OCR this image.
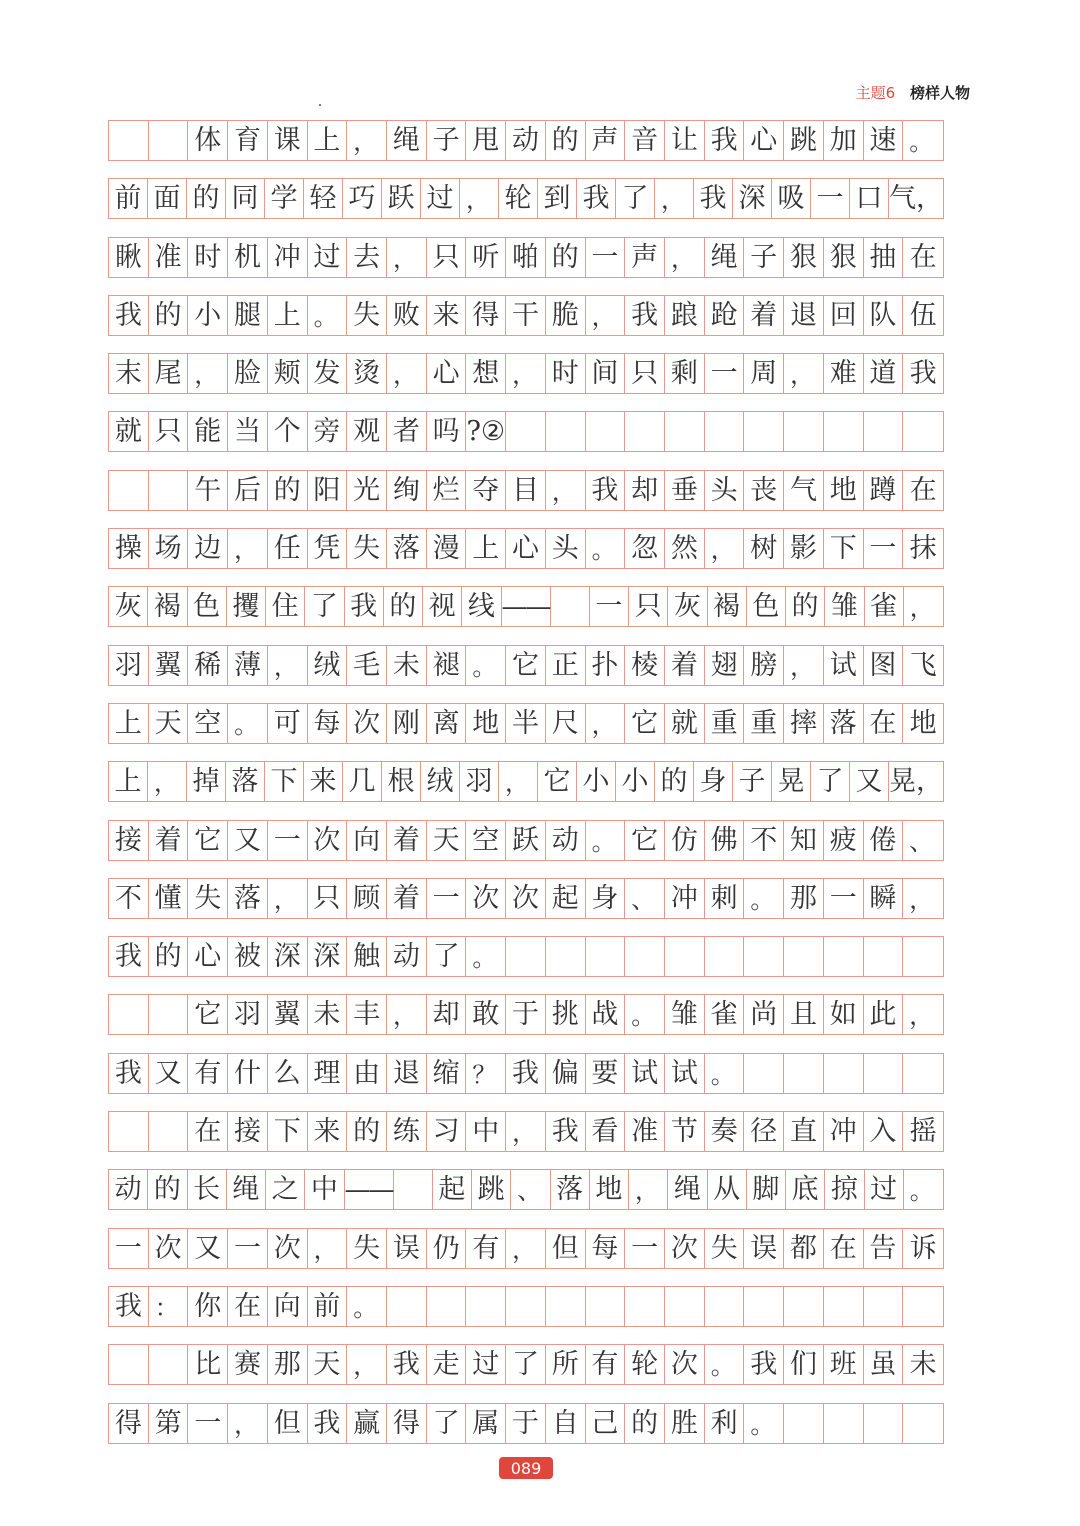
主题6 榜样人物
体 育 课 上 ， 绳 子 甩 动 的 声 音 让 我 心 跳 加 速 。
前 面 的 同 学 轻 巧 跃 过 ， 轮 到 我 了 ， 我 深 吸 一 口 气，
瞅 准 时 机 冲 过 去 ， 只 听 啪 的 一 声 ， 绳 子 狠 狠 抽 在
我 的 小 腿 上 。 失 败 来 得 干 脆 ， 我 踉 跄 着 退 回 队 伍
末 尾 ， 脸 颊 发 烫 ， 心 想 ， 时 间 只 剩 一 周 ， 难 道 我
就 只 能 当 个 旁 观 者 吗 ?②
午 后 的 阳 光 绚 烂 夺 目 ， 我 却 垂 头 丧 气 地 蹲 在
操 场 边 ， 任 凭 失 落 漫 上 心 头 。 忽 然 ， 树 影 下 一 抹
灰 褐 色 攫 住 了 我 的 视 线 —— 一 只 灰 褐 色 的 雏 雀 ，
羽 翼 稀 薄 ， 绒 毛 未 褪 。 它 正 扑 棱 着 翅 膀 ， 试 图 飞
上 天 空 。 可 每 次 刚 离 地 半 尺 ， 它 就 重 重 摔 落 在 地
上 ， 掉 落 下 来 几 根 绒 羽 ， 它 小 小 的 身 子 晃 了 又 晃，
接 着 它 又 一 次 向 着 天 空 跃 动 。 它 仿 佛 不 知 疲 倦 、
不 懂 失 落 ， 只 顾 着 一 次 次 起 身 、 冲 刺 。 那 一 瞬 ，
我 的 心 被 深 深 触 动 了 。
它 羽 翼 未 丰 ， 却 敢 于 挑 战 。 雏 雀 尚 且 如 此 ，
我 又 有 什 么 理 由 退 缩 ？ 我 偏 要 试 试 。
在 接 下 来 的 练 习 中 ， 我 看 准 节 奏 径 直 冲 入 摇
动 的 长 绳 之 中 —— 起 跳 、 落 地 ， 绳 从 脚 底 掠 过 。
一 次 又 一 次 ， 失 误 仍 有 ， 但 每 一 次 失 误 都 在 告 诉
我 ： 你 在 向 前 。
比 赛 那 天 ， 我 走 过 了 所 有 轮 次 。 我 们 班 虽 未
得 第 一 ， 但 我 赢 得 了 属 于 自 己 的 胜 利 。
089
